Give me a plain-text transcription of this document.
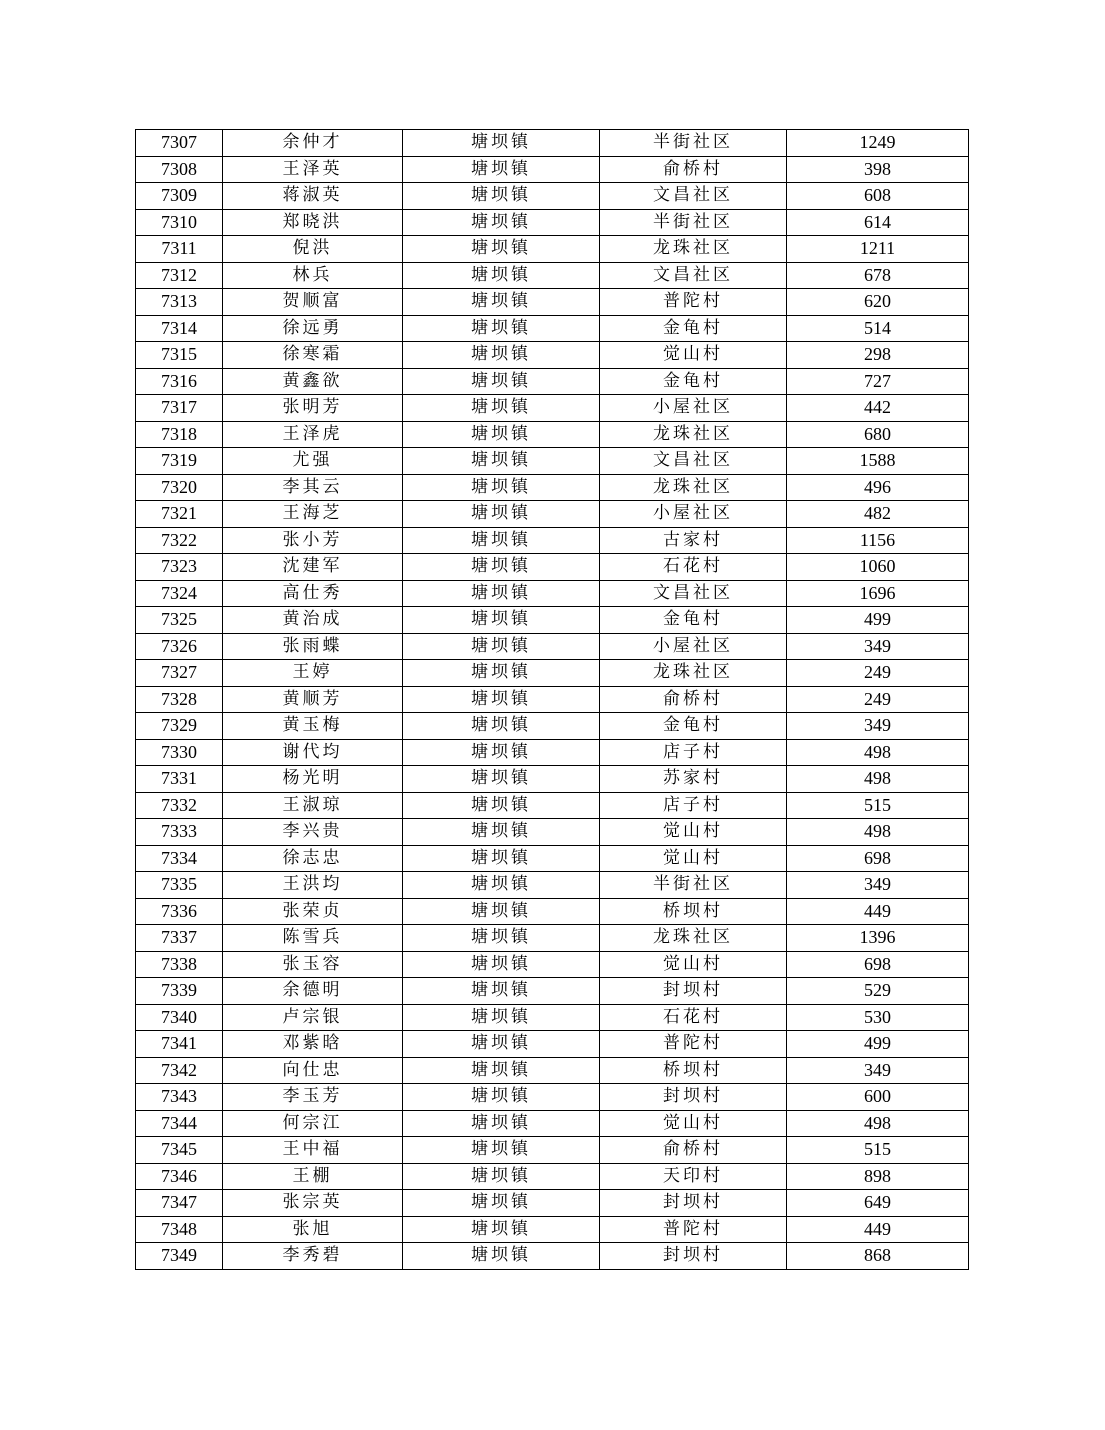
7307	余仲才	塘坝镇	半街社区	1249
7308	王泽英	塘坝镇	俞桥村	398
7309	蒋淑英	塘坝镇	文昌社区	608
7310	郑晓洪	塘坝镇	半街社区	614
7311	倪洪	塘坝镇	龙珠社区	1211
7312	林兵	塘坝镇	文昌社区	678
7313	贺顺富	塘坝镇	普陀村	620
7314	徐远勇	塘坝镇	金龟村	514
7315	徐寒霜	塘坝镇	觉山村	298
7316	黄鑫欲	塘坝镇	金龟村	727
7317	张明芳	塘坝镇	小屋社区	442
7318	王泽虎	塘坝镇	龙珠社区	680
7319	尤强	塘坝镇	文昌社区	1588
7320	李其云	塘坝镇	龙珠社区	496
7321	王海芝	塘坝镇	小屋社区	482
7322	张小芳	塘坝镇	古家村	1156
7323	沈建军	塘坝镇	石花村	1060
7324	高仕秀	塘坝镇	文昌社区	1696
7325	黄治成	塘坝镇	金龟村	499
7326	张雨蝶	塘坝镇	小屋社区	349
7327	王婷	塘坝镇	龙珠社区	249
7328	黄顺芳	塘坝镇	俞桥村	249
7329	黄玉梅	塘坝镇	金龟村	349
7330	谢代均	塘坝镇	店子村	498
7331	杨光明	塘坝镇	苏家村	498
7332	王淑琼	塘坝镇	店子村	515
7333	李兴贵	塘坝镇	觉山村	498
7334	徐志忠	塘坝镇	觉山村	698
7335	王洪均	塘坝镇	半街社区	349
7336	张荣贞	塘坝镇	桥坝村	449
7337	陈雪兵	塘坝镇	龙珠社区	1396
7338	张玉容	塘坝镇	觉山村	698
7339	余德明	塘坝镇	封坝村	529
7340	卢宗银	塘坝镇	石花村	530
7341	邓紫晗	塘坝镇	普陀村	499
7342	向仕忠	塘坝镇	桥坝村	349
7343	李玉芳	塘坝镇	封坝村	600
7344	何宗江	塘坝镇	觉山村	498
7345	王中福	塘坝镇	俞桥村	515
7346	王棚	塘坝镇	天印村	898
7347	张宗英	塘坝镇	封坝村	649
7348	张旭	塘坝镇	普陀村	449
7349	李秀碧	塘坝镇	封坝村	868
